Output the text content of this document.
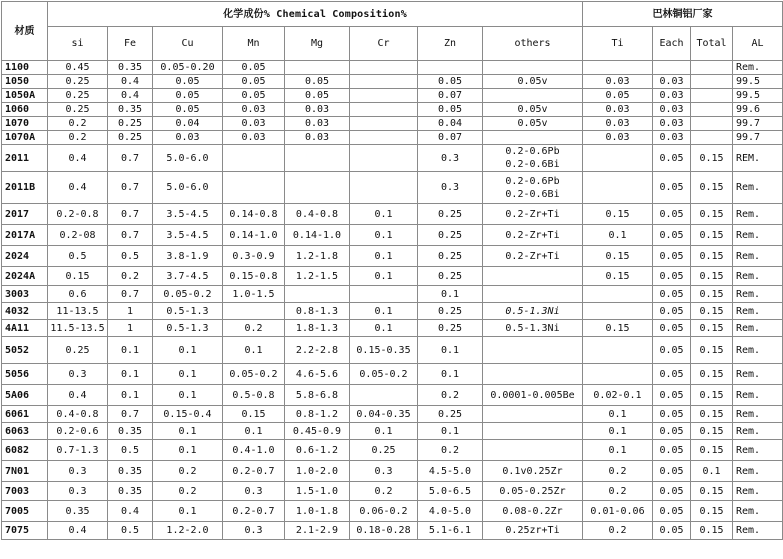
材质	化学成份% Chemical Composition%								巴林铜铝厂家			
	si	Fe	Cu	Mn	Mg	Cr	Zn	others	Ti	Each	Total	AL
1100	0.45	0.35	0.05-0.20	0.05								Rem.
1050	0.25	0.4	0.05	0.05	0.05		0.05	0.05v	0.03	0.03		99.5
1050A	0.25	0.4	0.05	0.05	0.05		0.07		0.05	0.03		99.5
1060	0.25	0.35	0.05	0.03	0.03		0.05	0.05v	0.03	0.03		99.6
1070	0.2	0.25	0.04	0.03	0.03		0.04	0.05v	0.03	0.03		99.7
1070A	0.2	0.25	0.03	0.03	0.03		0.07		0.03	0.03		99.7
2011	0.4	0.7	5.0-6.0				0.3	0.2-0.6Pb
0.2-0.6Bi		0.05	0.15	REM.
2011B	0.4	0.7	5.0-6.0				0.3	0.2-0.6Pb
0.2-0.6Bi		0.05	0.15	Rem.
2017	0.2-0.8	0.7	3.5-4.5	0.14-0.8	0.4-0.8	0.1	0.25	0.2-Zr+Ti	0.15	0.05	0.15	Rem.
2017A	0.2-08	0.7	3.5-4.5	0.14-1.0	0.14-1.0	0.1	0.25	0.2-Zr+Ti	0.1	0.05	0.15	Rem.
2024	0.5	0.5	3.8-1.9	0.3-0.9	1.2-1.8	0.1	0.25	0.2-Zr+Ti	0.15	0.05	0.15	Rem.
2024A	0.15	0.2	3.7-4.5	0.15-0.8	1.2-1.5	0.1	0.25		0.15	0.05	0.15	Rem.
3003	0.6	0.7	0.05-0.2	1.0-1.5			0.1			0.05	0.15	Rem.
4032	11-13.5	1	0.5-1.3		0.8-1.3	0.1	0.25	0.5-1.3Ni		0.05	0.15	Rem.
4A11	11.5-13.5	1	0.5-1.3	0.2	1.8-1.3	0.1	0.25	0.5-1.3Ni	0.15	0.05	0.15	Rem.
5052	0.25	0.1	0.1	0.1	2.2-2.8	0.15-0.35	0.1			0.05	0.15	Rem.
5056	0.3	0.1	0.1	0.05-0.2	4.6-5.6	0.05-0.2	0.1			0.05	0.15	Rem.
5A06	0.4	0.1	0.1	0.5-0.8	5.8-6.8		0.2	0.0001-0.005Be	0.02-0.1	0.05	0.15	Rem.
6061	0.4-0.8	0.7	0.15-0.4	0.15	0.8-1.2	0.04-0.35	0.25		0.1	0.05	0.15	Rem.
6063	0.2-0.6	0.35	0.1	0.1	0.45-0.9	0.1	0.1		0.1	0.05	0.15	Rem.
6082	0.7-1.3	0.5	0.1	0.4-1.0	0.6-1.2	0.25	0.2		0.1	0.05	0.15	Rem.
7N01	0.3	0.35	0.2	0.2-0.7	1.0-2.0	0.3	4.5-5.0	0.1v0.25Zr	0.2	0.05	0.1	Rem.
7003	0.3	0.35	0.2	0.3	1.5-1.0	0.2	5.0-6.5	0.05-0.25Zr	0.2	0.05	0.15	Rem.
7005	0.35	0.4	0.1	0.2-0.7	1.0-1.8	0.06-0.2	4.0-5.0	0.08-0.2Zr	0.01-0.06	0.05	0.15	Rem.
7075	0.4	0.5	1.2-2.0	0.3	2.1-2.9	0.18-0.28	5.1-6.1	0.25zr+Ti	0.2	0.05	0.15	Rem.
